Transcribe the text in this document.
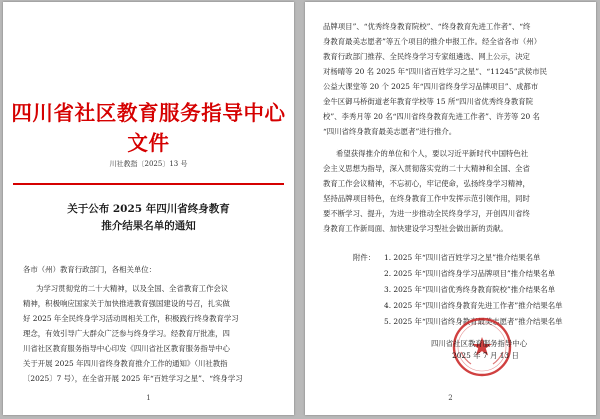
四川省社区教育服务指导中心文件
川社教指〔2025〕13 号
关于公布 2025 年四川省终身教育
推介结果名单的通知
各市（州）教育行政部门，各相关单位：
为学习贯彻党的二十大精神，以及全国、全省教育工作会议
精神，积极响应国家关于加快推进教育强国建设的号召，扎实做
好 2025 年全民终身学习活动周相关工作，积极践行终身教育学习
理念，有效引导广大群众广泛参与终身学习。经教育厅批准，四
川省社区教育服务指导中心印发《四川省社区教育服务指导中心
关于开展 2025 年四川省终身教育推介工作的通知》（川社教指
〔2025〕7 号），在全省开展 2025 年“百姓学习之星”、“终身学习
1
品牌项目”、“优秀终身教育院校”、“终身教育先进工作者”、“终
身教育最美志愿者”等五个项目的推介申报工作。经全省各市（州）
教育行政部门推荐、全民终身学习专家组遴选、网上公示，决定
对杨晴等 20 名 2025 年“四川省百姓学习之星”、“11245”武侯市民
公益大课堂等 20 个 2025 年“四川省终身学习品牌项目”、成都市
金牛区御马桥街道老年教育学校等 15 所“四川省优秀终身教育院
校”、李秀月等 20 名“四川省终身教育先进工作者”、许芳等 20 名
“四川省终身教育最美志愿者”进行推介。
希望获得推介的单位和个人，要以习近平新时代中国特色社
会主义思想为指导，深入贯彻落实党的二十大精神和全国、全省
教育工作会议精神，不忘初心，牢记使命，弘扬终身学习精神，
坚持品牌项目特色，在终身教育工作中发挥示范引领作用，同时
要不断学习、提升，为进一步推动全民终身学习，开创四川省终
身教育工作新局面、加快建设学习型社会做出新的贡献。
附件： 1. 2025 年“四川省百姓学习之星”推介结果名单
2. 2025 年“四川省终身学习品牌项目”推介结果名单
3. 2025 年“四川省优秀终身教育院校”推介结果名单
4. 2025 年“四川省终身教育先进工作者”推介结果名单
5. 2025 年“四川省终身教育最美志愿者”推介结果名单
四川省社区教育服务指导中心
2025 年 7 月 13 日
2
